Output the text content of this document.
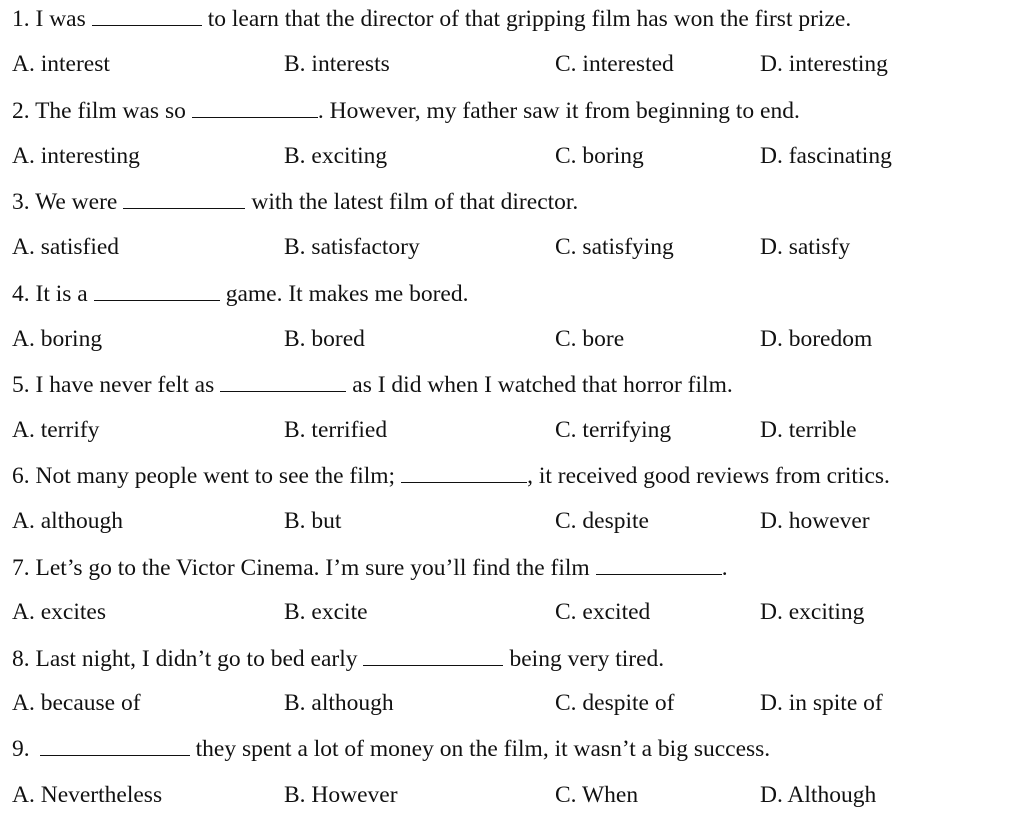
1. I was	to learn that the director of that gripping film has won the first prize.
A. interest	B. interests	C. interested	D. interesting
2. The film was so	. However, my father saw it from beginning to end.
A. interesting	B. exciting	C. boring	D. fascinating
3. We were	with the latest film of that director.
A. satisfied	B. satisfactory	C. satisfying	D. satisfy
4. It is a	game. It makes me bored.
A. boring	B. bored	C. bore	D. boredom
5. I have never felt as	as I did when I watched that horror film.
A. terrify	B. terrified	C. terrifying	D. terrible
6. Not many people went to see the film;	, it received good reviews from critics.
A. although	B. but	C. despite	D. however
7. Let’s go to the Victor Cinema. I’m sure you’ll find the film	.
A. excites	B. excite	C. excited	D. exciting
8. Last night, I didn’t go to bed early	being very tired.
A. because of	B. although	C. despite of	D. in spite of
9.	they spent a lot of money on the film, it wasn’t a big success.
A. Nevertheless	B. However	C. When	D. Although
